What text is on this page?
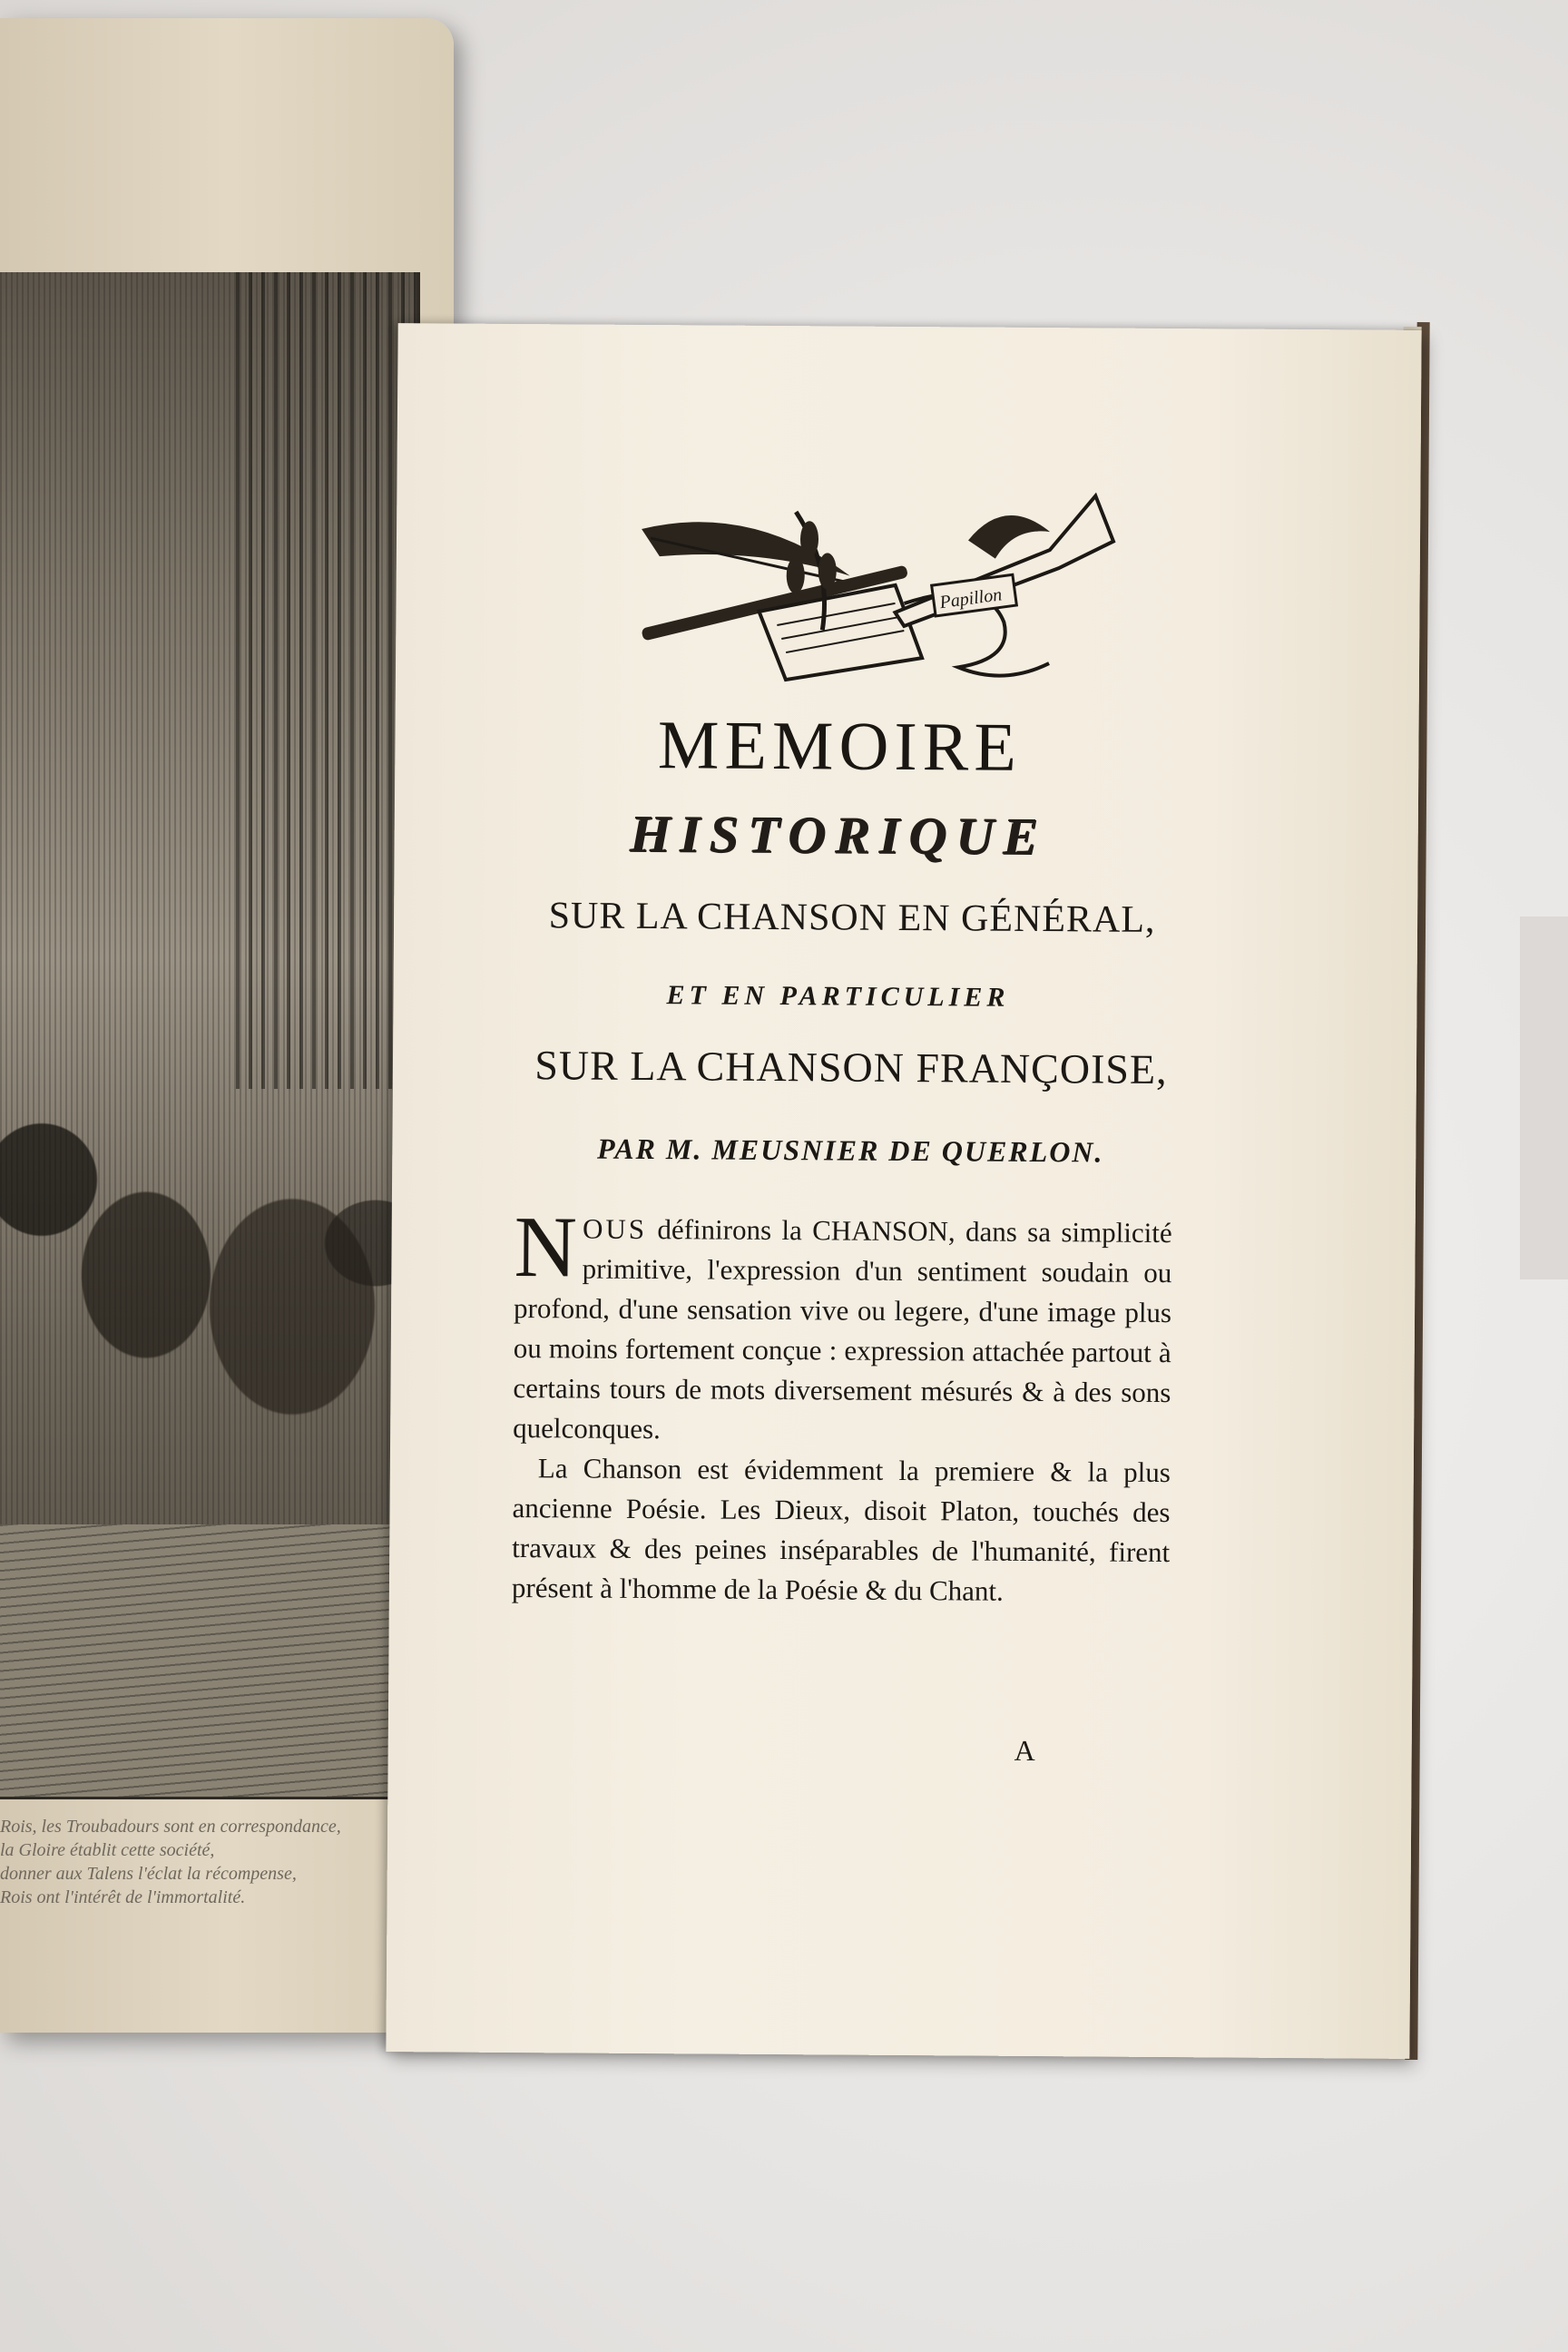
Rois, les Troubadours sont en correspondance,
la Gloire établit cette société,
donner aux Talens l'éclat la récompense,
Rois ont l'intérêt de l'immortalité.
Papillon
MEMOIRE
HISTORIQUE
SUR LA CHANSON EN GÉNÉRAL,
ET EN PARTICULIER
SUR LA CHANSON FRANÇOISE,
PAR M. MEUSNIER DE QUERLON.

NOUS définirons la CHANSON, dans sa simplicité primitive, l'expression d'un sentiment soudain ou profond, d'une sensation vive ou legere, d'une image plus ou moins fortement conçue : expression attachée partout à certains tours de mots diversement mésurés & à des sons quelconques.

La Chanson est évidemment la premiere & la plus ancienne Poésie. Les Dieux, disoit Platon, touchés des travaux & des peines inséparables de l'humanité, firent présent à l'homme de la Poésie & du Chant.

A
